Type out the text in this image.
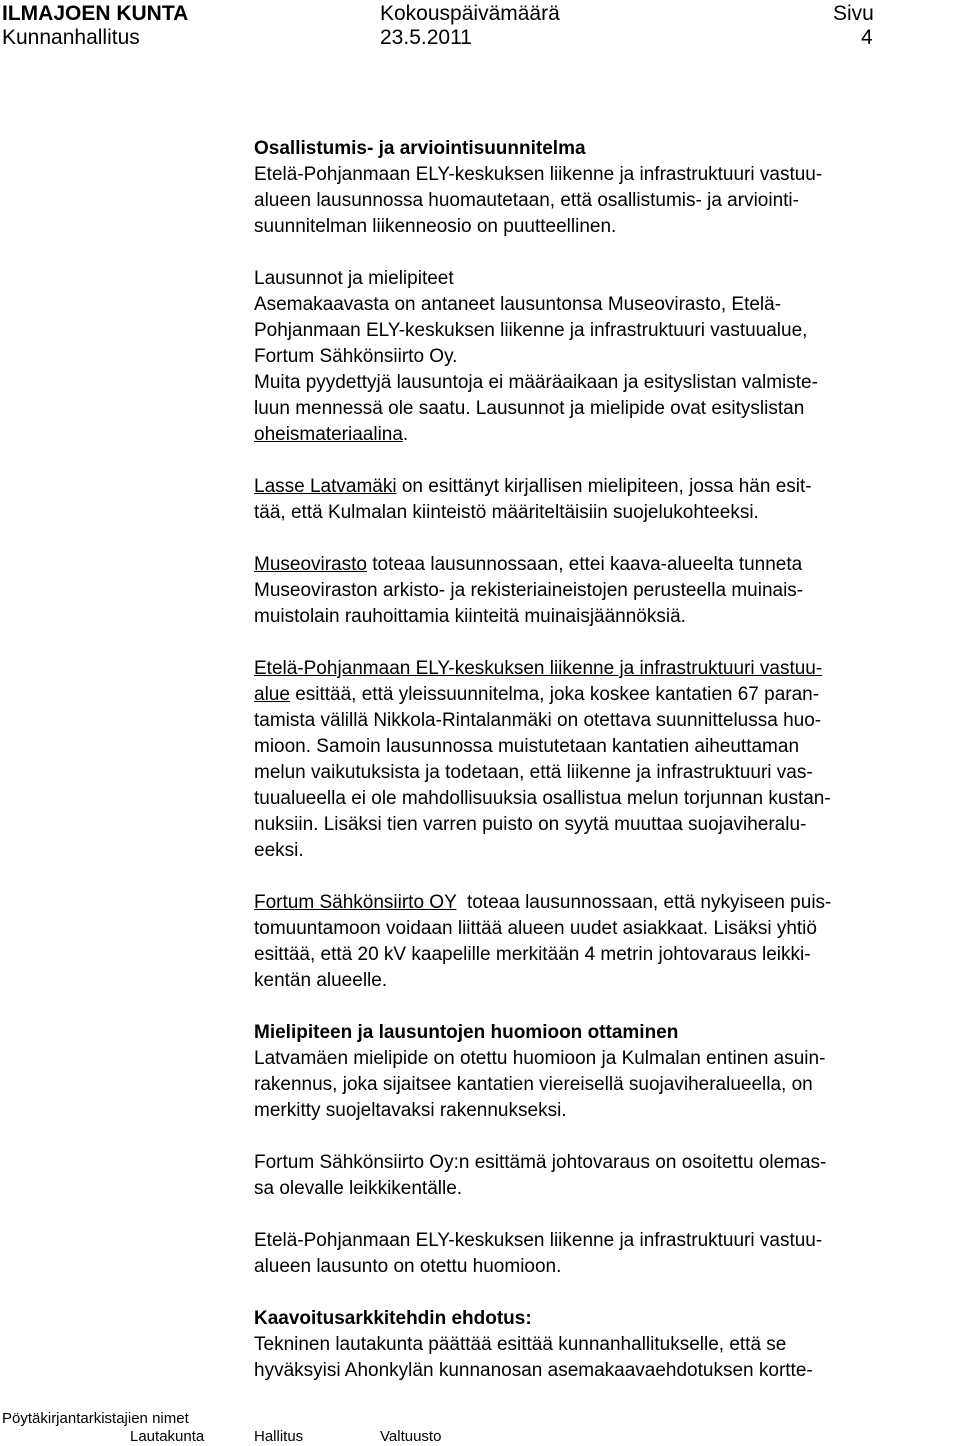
ILMAJOEN KUNTA
Kunnanhallitus
Kokouspäivämäärä
23.5.2011
Sivu
4

Osallistumis- ja arviointisuunnitelma
Etelä-Pohjanmaan ELY-keskuksen liikenne ja infrastruktuuri vastuu-
alueen lausunnossa huomautetaan, että osallistumis- ja arviointi-
suunnitelman liikenneosio on puutteellinen.

Lausunnot ja mielipiteet
Asemakaavasta on antaneet lausuntonsa Museovirasto, Etelä-
Pohjanmaan ELY-keskuksen liikenne ja infrastruktuuri vastuualue,
Fortum Sähkönsiirto Oy.
Muita pyydettyjä lausuntoja ei määräaikaan ja esityslistan valmiste-
luun mennessä ole saatu. Lausunnot ja mielipide ovat esityslistan
oheismateriaalina.

Lasse Latvamäki on esittänyt kirjallisen mielipiteen, jossa hän esit-
tää, että Kulmalan kiinteistö määriteltäisiin suojelukohteeksi.

Museovirasto toteaa lausunnossaan, ettei kaava-alueelta tunneta
Museoviraston arkisto- ja rekisteriaineistojen perusteella muinais-
muistolain rauhoittamia kiinteitä muinaisjäännöksiä.

Etelä-Pohjanmaan ELY-keskuksen liikenne ja infrastruktuuri vastuu-
alue esittää, että yleissuunnitelma, joka koskee kantatien 67 paran-
tamista välillä Nikkola-Rintalanmäki on otettava suunnittelussa huo-
mioon. Samoin lausunnossa muistutetaan kantatien aiheuttaman
melun vaikutuksista ja todetaan, että liikenne ja infrastruktuuri vas-
tuualueella ei ole mahdollisuuksia osallistua melun torjunnan kustan-
nuksiin. Lisäksi tien varren puisto on syytä muuttaa suojaviheralu-
eeksi.

Fortum Sähkönsiirto OY  toteaa lausunnossaan, että nykyiseen puis-
tomuuntamoon voidaan liittää alueen uudet asiakkaat. Lisäksi yhtiö
esittää, että 20 kV kaapelille merkitään 4 metrin johtovaraus leikki-
kentän alueelle.

Mielipiteen ja lausuntojen huomioon ottaminen
Latvamäen mielipide on otettu huomioon ja Kulmalan entinen asuin-
rakennus, joka sijaitsee kantatien viereisellä suojaviheralueella, on
merkitty suojeltavaksi rakennukseksi.

Fortum Sähkönsiirto Oy:n esittämä johtovaraus on osoitettu olemas-
sa olevalle leikkikentälle.

Etelä-Pohjanmaan ELY-keskuksen liikenne ja infrastruktuuri vastuu-
alueen lausunto on otettu huomioon.

Kaavoitusarkkitehdin ehdotus:
Tekninen lautakunta päättää esittää kunnanhallitukselle, että se
hyväksyisi Ahonkylän kunnanosan asemakaavaehdotuksen kortte-

Pöytäkirjantarkistajien nimet
Lautakunta	Hallitus	Valtuusto
